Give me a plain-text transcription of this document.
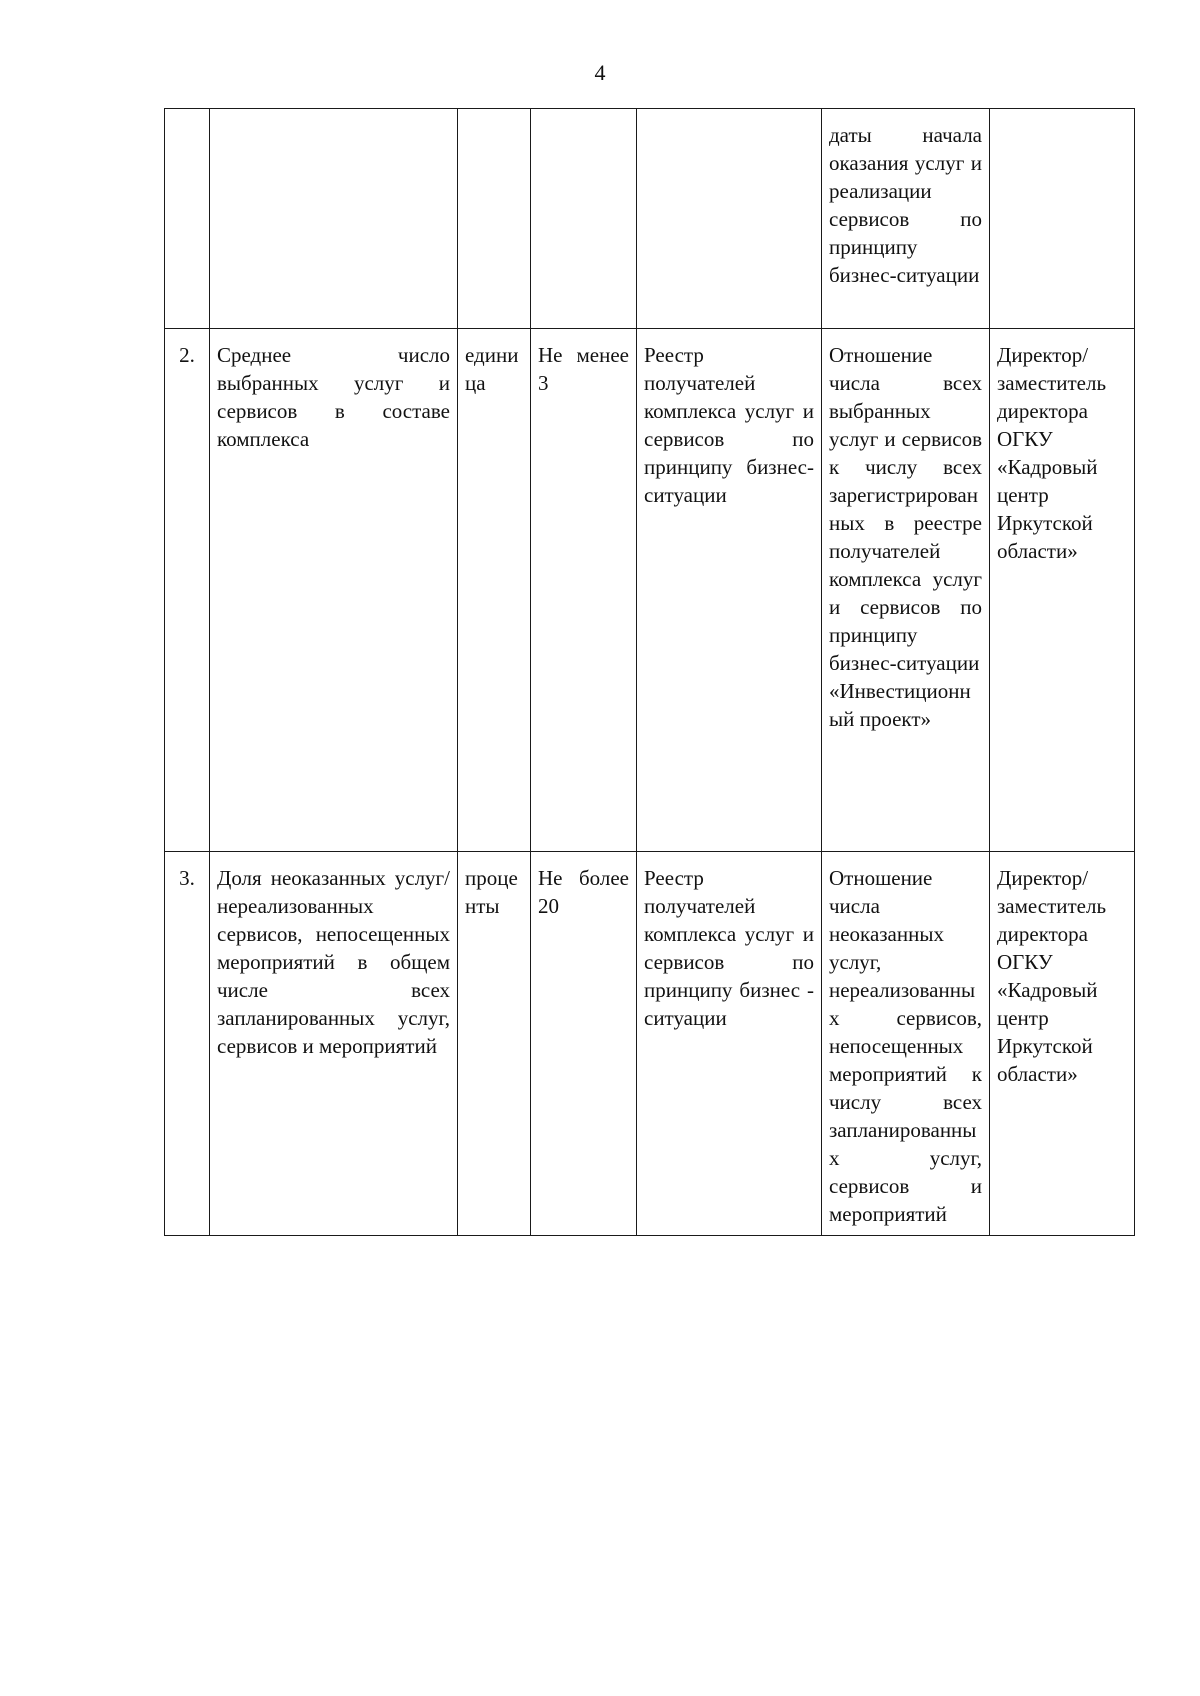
4
					даты начала оказания услуг и реализации сервисов по принципу бизнес-ситуации	
2.	Среднее число выбранных услуг и сервисов в составе комплекса	единица	Не менее 3	Реестр получателей комплекса услуг и сервисов по принципу бизнес-ситуации	Отношение числа всех выбранных услуг и сервисов к числу всех зарегистрированных в реестре получателей комплекса услуг и сервисов по принципу бизнес-ситуации «Инвестиционный проект»	Директор/ заместитель директора ОГКУ «Кадровый центр Иркутской области»
3.	Доля неоказанных услуг/ нереализованных сервисов, непосещенных мероприятий в общем числе всех запланированных услуг, сервисов и мероприятий	проценты	Не более 20	Реестр получателей комплекса услуг и сервисов по принципу бизнес - ситуации	Отношение числа неоказанных услуг, нереализованных сервисов, непосещенных мероприятий к числу всех запланированных услуг, сервисов и мероприятий	Директор/ заместитель директора ОГКУ «Кадровый центр Иркутской области»
